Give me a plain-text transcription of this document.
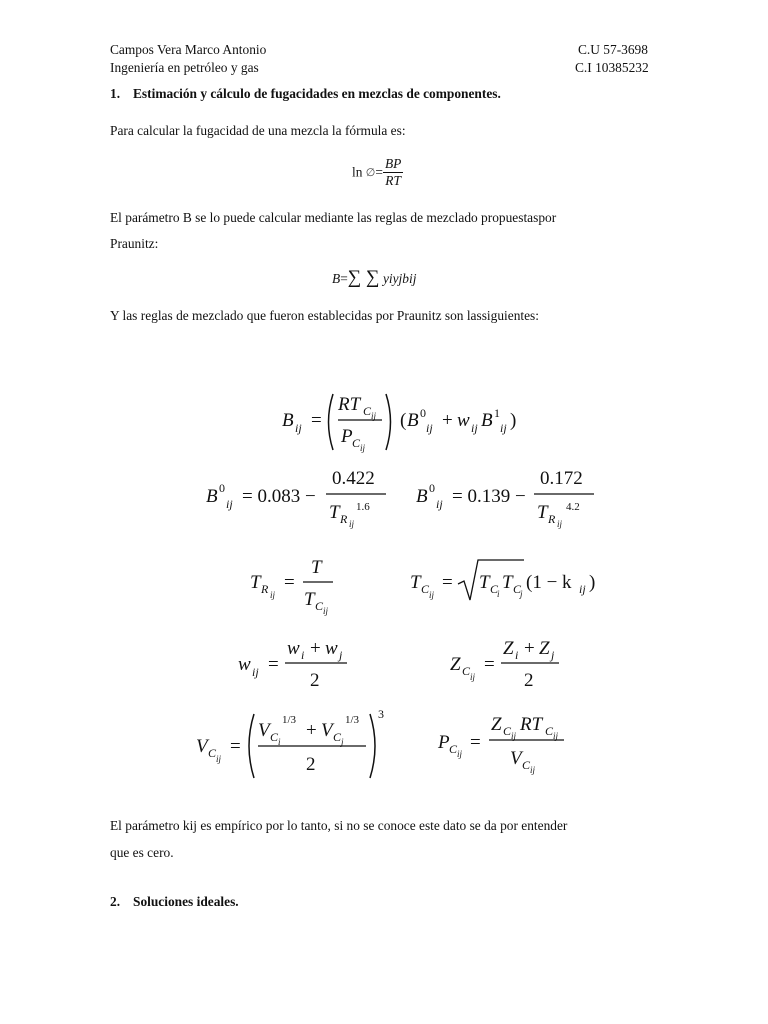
Campos Vera Marco Antonio
Ingeniería en petróleo y gas
C.U 57-3698
C.I 10385232
1. Estimación y cálculo de fugacidades en mezclas de componentes.
Para calcular la fugacidad de una mezcla la fórmula es:
ln ∅= $\frac{BP}{RT}$
El parámetro B se lo puede calcular mediante las reglas de mezclado propuestaspor
Praunitz:
B=∑ ∑ yiyjbij
Y las reglas de mezclado que fueron establecidas por Praunitz son lassiguientes:
B ij =
RT C ij
P C ij
( B 0
ij + w ij B 1
ij )
B 0
ij = 0.083 −
0.422
T R ij
1.6 B 0
ij = 0.139 −
0.172
T R ij
4.2
T R ij
=
T
T C ij
T C ij
= T C
i
T C
j
(1 − k ij )
w ij =
w i + w j
2
Z C ij
=
Z i + Z j
2
V C ij
=
V C i
1/3 + V C j
1/3
2
3
P C ij
=
Z C ij
RT C ij
V C ij
El parámetro kij es empírico por lo tanto, si no se conoce este dato se da por entender
que es cero.
2. Soluciones ideales.
